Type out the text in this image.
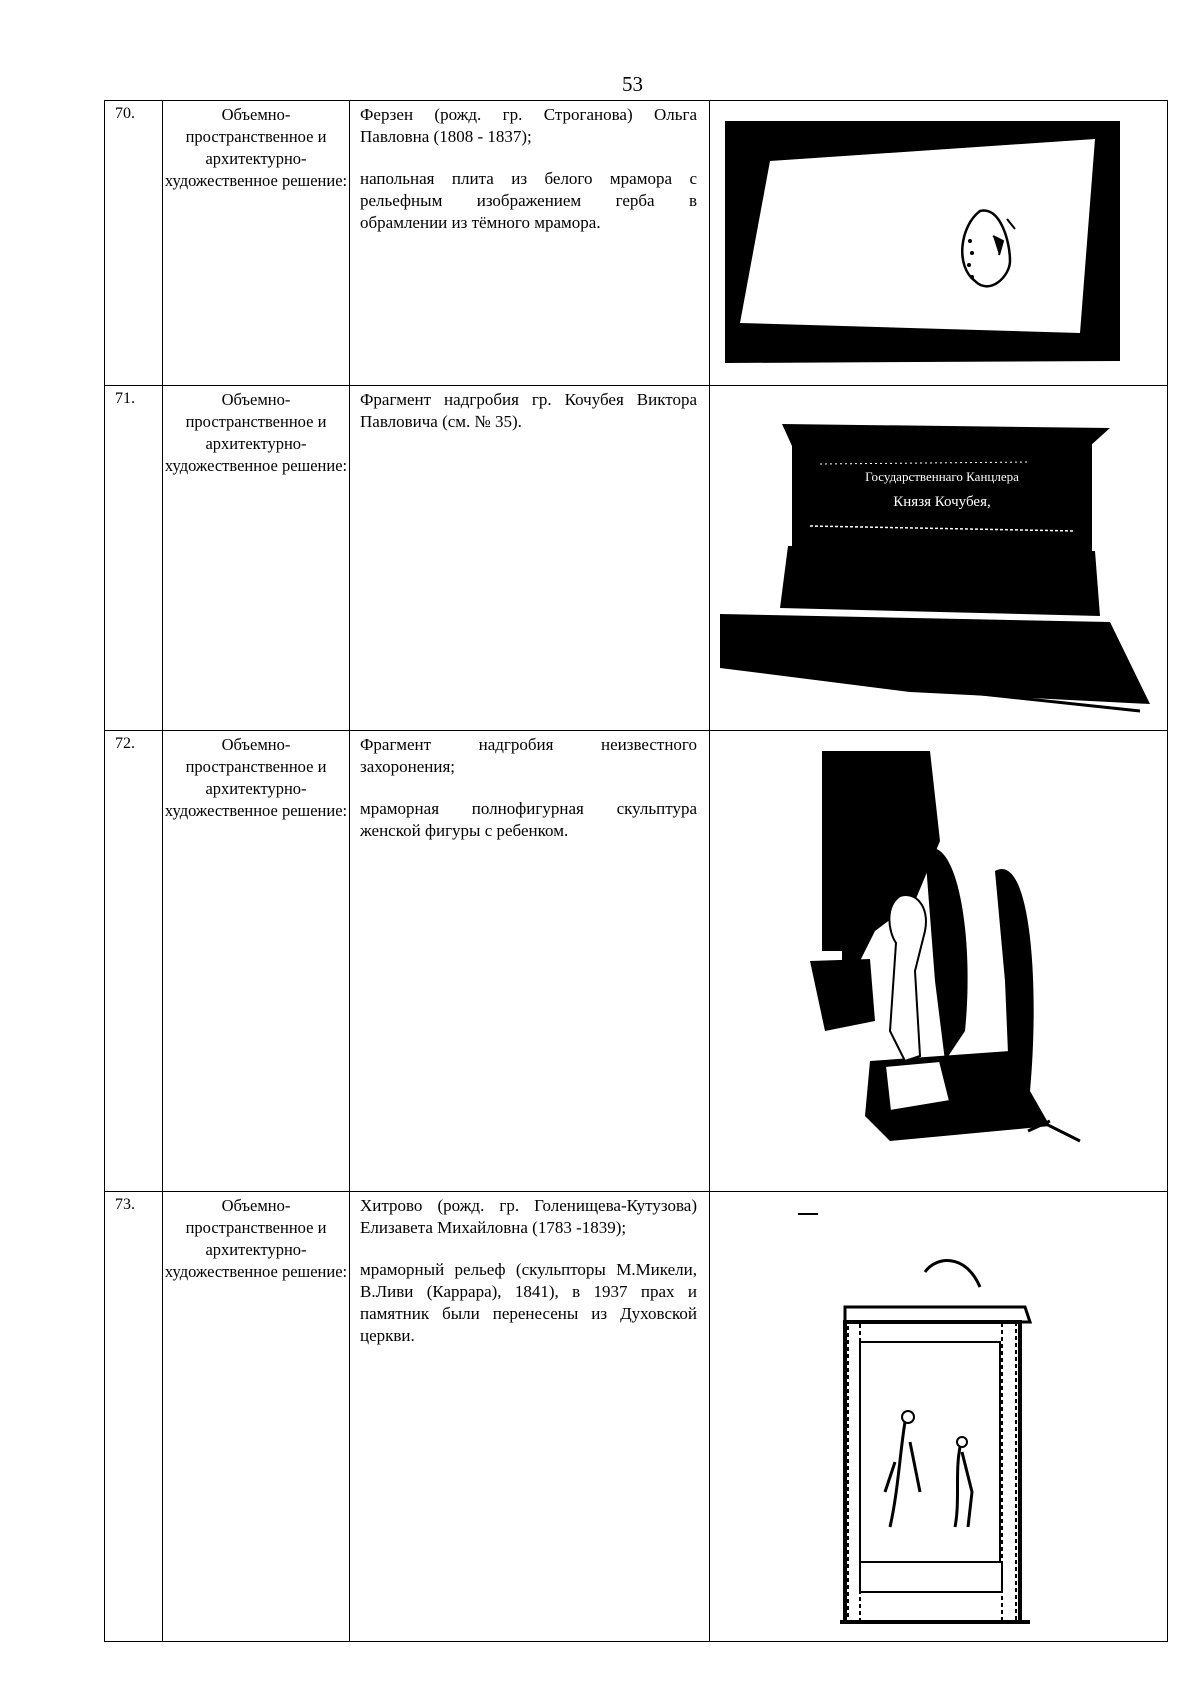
53
70.	Объемно-пространственное и архитектурно-художественное решение:	Ферзен (рожд. гр. Строганова) Ольга Павловна (1808 - 1837);

напольная плита из белого мрамора с рельефным изображением герба в обрамлении из тёмного мрамора.

71.	Объемно-пространственное и архитектурно-художественное решение:	Фрагмент надгробия гр. Кочубея Виктора Павловича (см. № 35).	Государственнаго Канцлера
Князя Кочубея,

72.	Объемно-пространственное и архитектурно-художественное решение:	Фрагмент надгробия неизвестного захоронения;

мраморная полнофигурная скульптура женской фигуры с ребенком.

73.	Объемно-пространственное и архитектурно-художественное решение:	Хитрово (рожд. гр. Голенищева-Кутузова) Елизавета Михайловна (1783 -1839);

мраморный рельеф (скульпторы М.Микели, В.Ливи (Каррара), 1841), в 1937 прах и памятник были перенесены из Духовской церкви.
